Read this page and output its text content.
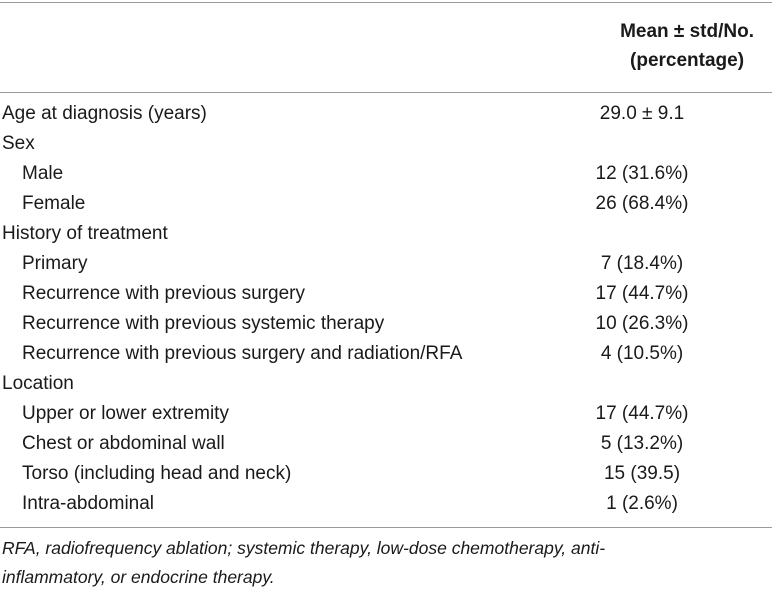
Mean ± std/No.
(percentage)
Age at diagnosis (years)	29.0 ± 9.1
Sex	
Male	12 (31.6%)
Female	26 (68.4%)
History of treatment	
Primary	7 (18.4%)
Recurrence with previous surgery	17 (44.7%)
Recurrence with previous systemic therapy	10 (26.3%)
Recurrence with previous surgery and radiation/RFA	4 (10.5%)
Location	
Upper or lower extremity	17 (44.7%)
Chest or abdominal wall	5 (13.2%)
Torso (including head and neck)	15 (39.5)
Intra-abdominal	1 (2.6%)
RFA, radiofrequency ablation; systemic therapy, low-dose chemotherapy, anti-
inflammatory, or endocrine therapy.
